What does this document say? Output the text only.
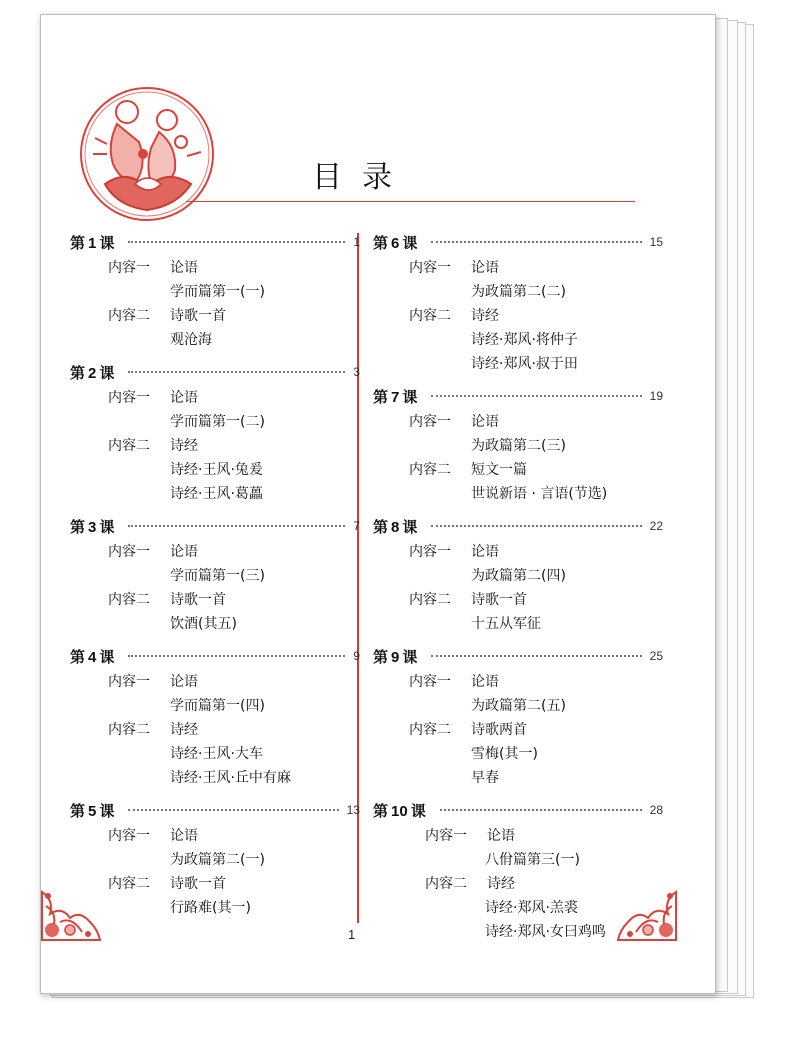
目录
第 1 课	1
内容一	论语
学而篇第一(一)
内容二	诗歌一首
观沧海
第 2 课	3
内容一	论语
学而篇第一(二)
内容二	诗经
诗经·王风·兔爰
诗经·王风·葛藟
第 3 课	7
内容一	论语
学而篇第一(三)
内容二	诗歌一首
饮酒(其五)
第 4 课	9
内容一	论语
学而篇第一(四)
内容二	诗经
诗经·王风·大车
诗经·王风·丘中有麻
第 5 课	13
内容一	论语
为政篇第二(一)
内容二	诗歌一首
行路难(其一)
第 6 课	15
内容一	论语
为政篇第二(二)
内容二	诗经
诗经·郑风·将仲子
诗经·郑风·叔于田
第 7 课	19
内容一	论语
为政篇第二(三)
内容二	短文一篇
世说新语 · 言语(节选)
第 8 课	22
内容一	论语
为政篇第二(四)
内容二	诗歌一首
十五从军征
第 9 课	25
内容一	论语
为政篇第二(五)
内容二	诗歌两首
雪梅(其一)
早春
第 10 课	28
内容一	论语
八佾篇第三(一)
内容二	诗经
诗经·郑风·羔裘
诗经·郑风·女曰鸡鸣
1
